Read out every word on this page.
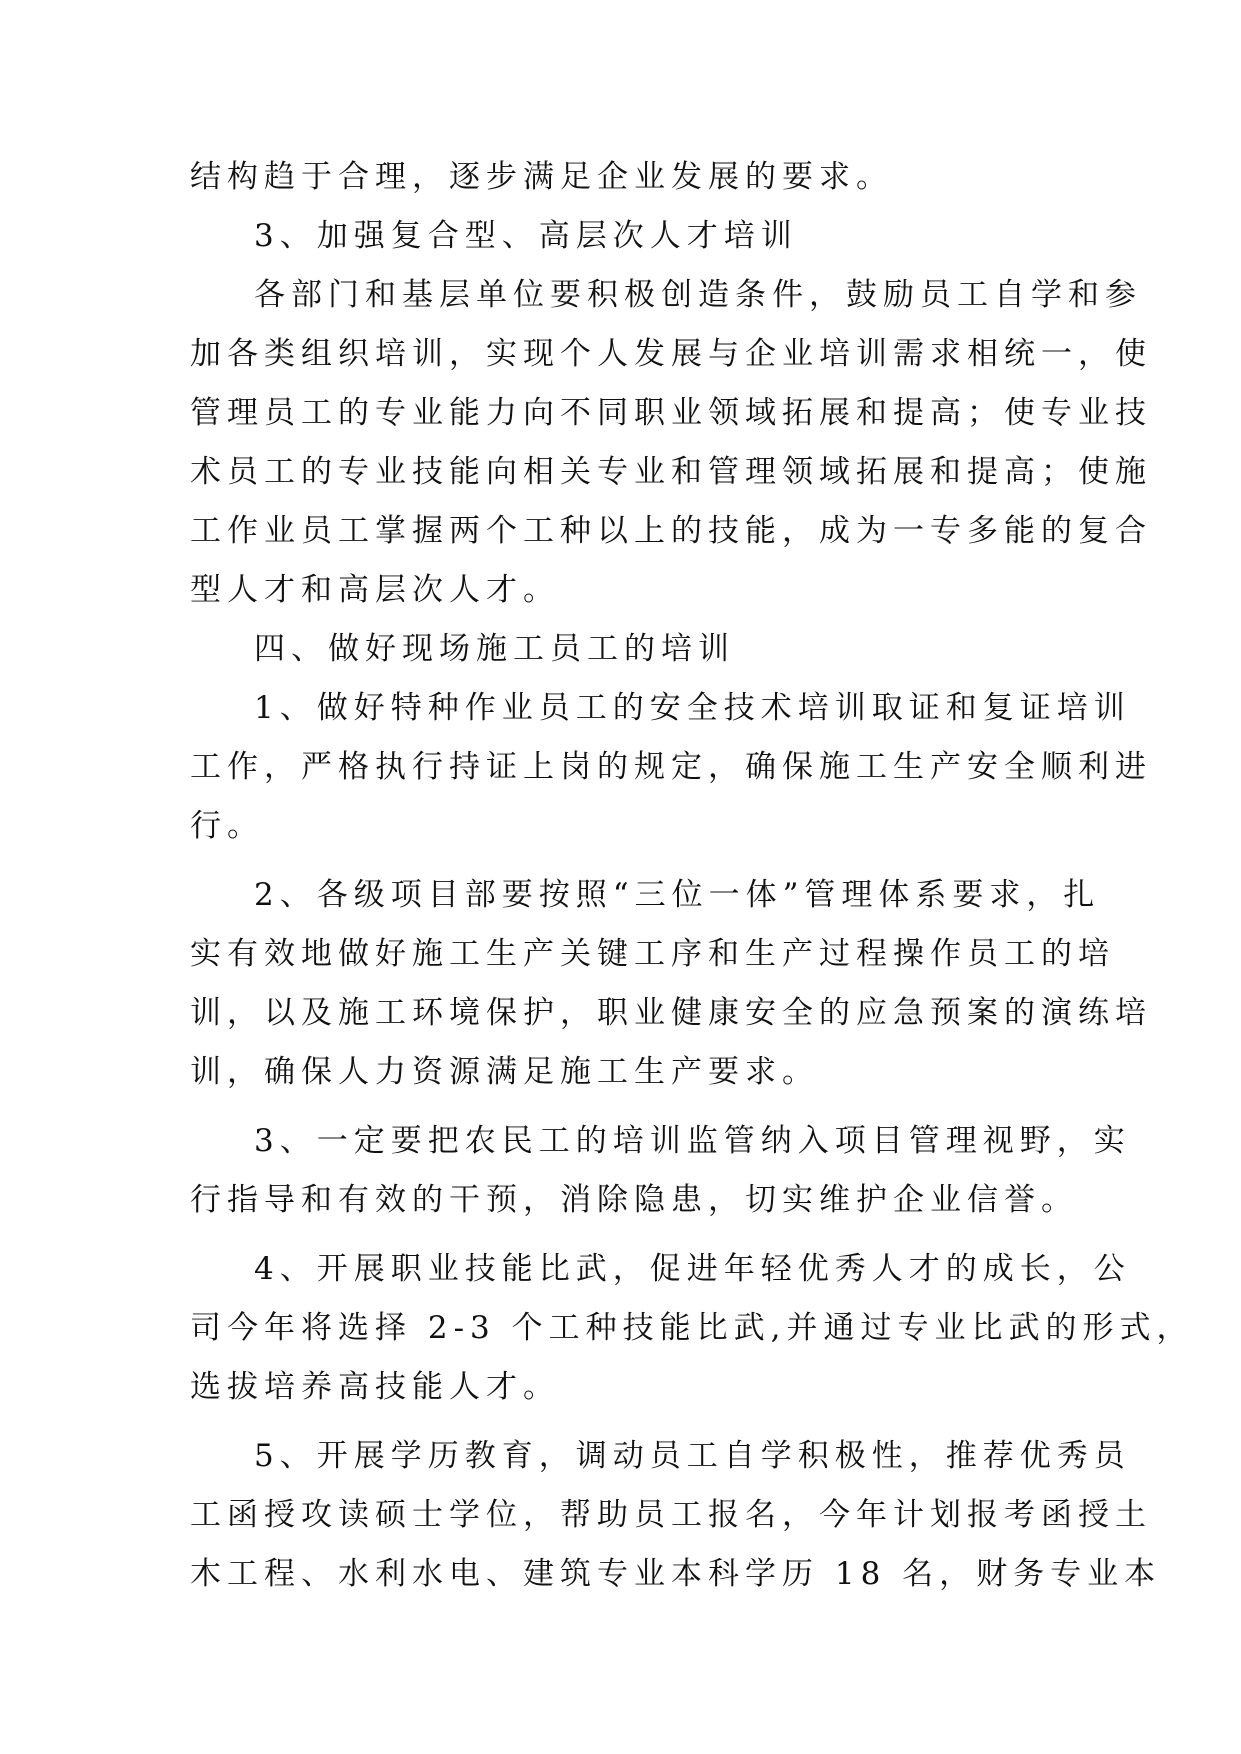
结构趋于合理，逐步满足企业发展的要求。
3、加强复合型、高层次人才培训
各部门和基层单位要积极创造条件，鼓励员工自学和参
加各类组织培训，实现个人发展与企业培训需求相统一，使
管理员工的专业能力向不同职业领域拓展和提高；使专业技
术员工的专业技能向相关专业和管理领域拓展和提高；使施
工作业员工掌握两个工种以上的技能，成为一专多能的复合
型人才和高层次人才。
四、做好现场施工员工的培训
1、做好特种作业员工的安全技术培训取证和复证培训
工作，严格执行持证上岗的规定，确保施工生产安全顺利进
行。
2、各级项目部要按照“三位一体”管理体系要求，扎
实有效地做好施工生产关键工序和生产过程操作员工的培
训，以及施工环境保护，职业健康安全的应急预案的演练培
训，确保人力资源满足施工生产要求。
3、一定要把农民工的培训监管纳入项目管理视野，实
行指导和有效的干预，消除隐患，切实维护企业信誉。
4、开展职业技能比武，促进年轻优秀人才的成长，公
司今年将选择 2-3 个工种技能比武,并通过专业比武的形式，
选拔培养高技能人才。
5、开展学历教育，调动员工自学积极性，推荐优秀员
工函授攻读硕士学位，帮助员工报名，今年计划报考函授土
木工程、水利水电、建筑专业本科学历 18 名，财务专业本
